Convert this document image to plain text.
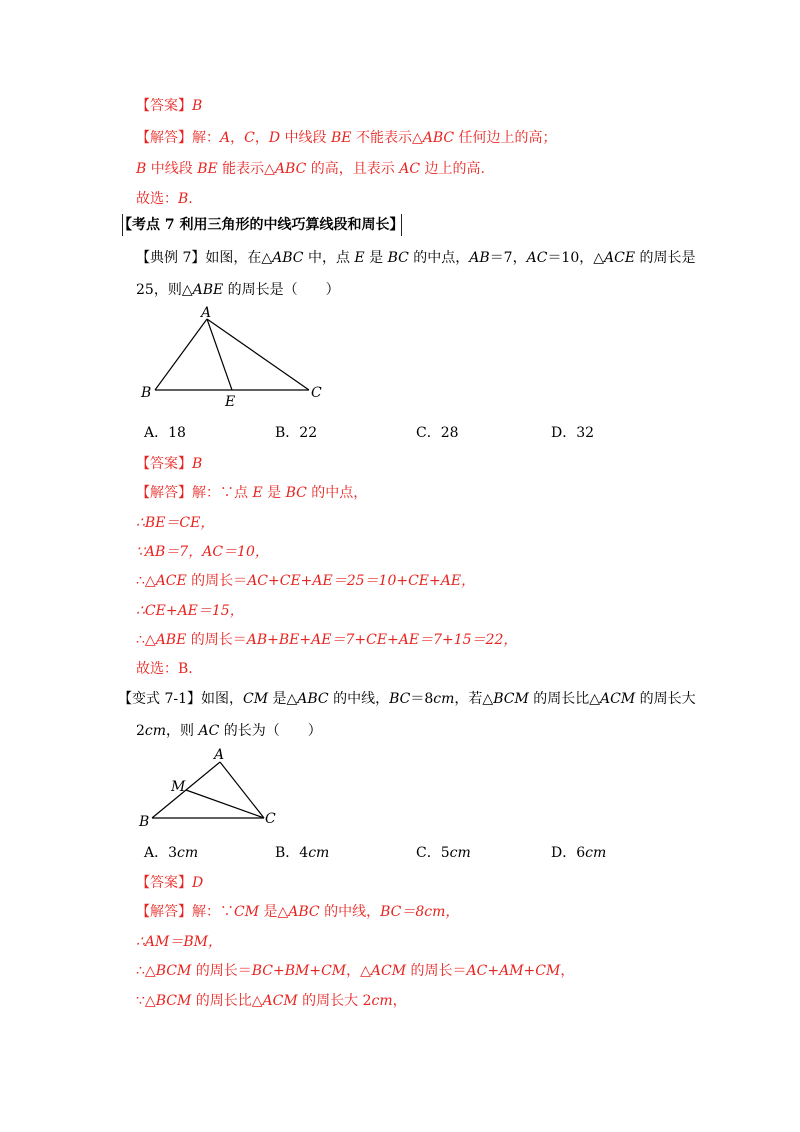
【答案】B
【解答】解：A，C，D 中线段 BE 不能表示△ABC 任何边上的高；
B 中线段 BE 能表示△ABC 的高，且表示 AC 边上的高.
故选：B.
【考点 7 利用三角形的中线巧算线段和周长】
【典例 7】如图，在△ABC 中，点 E 是 BC 的中点，AB＝7，AC＝10，△ACE 的周长是
25，则△ABE 的周长是（　　）
A
B	C
E
A．18	B．22	C．28	D．32
【答案】B
【解答】解：∵点 E 是 BC 的中点，
∴BE＝CE，
∵AB＝7，AC＝10，
∴△ACE 的周长＝AC+CE+AE＝25＝10+CE+AE，
∴CE+AE＝15，
∴△ABE 的周长＝AB+BE+AE＝7+CE+AE＝7+15＝22，
故选：B.
【变式 7-1】如图，CM 是△ABC 的中线，BC＝8cm，若△BCM 的周长比△ACM 的周长大
2cm，则 AC 的长为（　　）
A
M
B	C
A．3cm	B．4cm	C．5cm	D．6cm
【答案】D
【解答】解：∵CM 是△ABC 的中线，BC＝8cm，
∴AM＝BM，
∴△BCM 的周长＝BC+BM+CM，△ACM 的周长＝AC+AM+CM，
∵△BCM 的周长比△ACM 的周长大 2cm，
